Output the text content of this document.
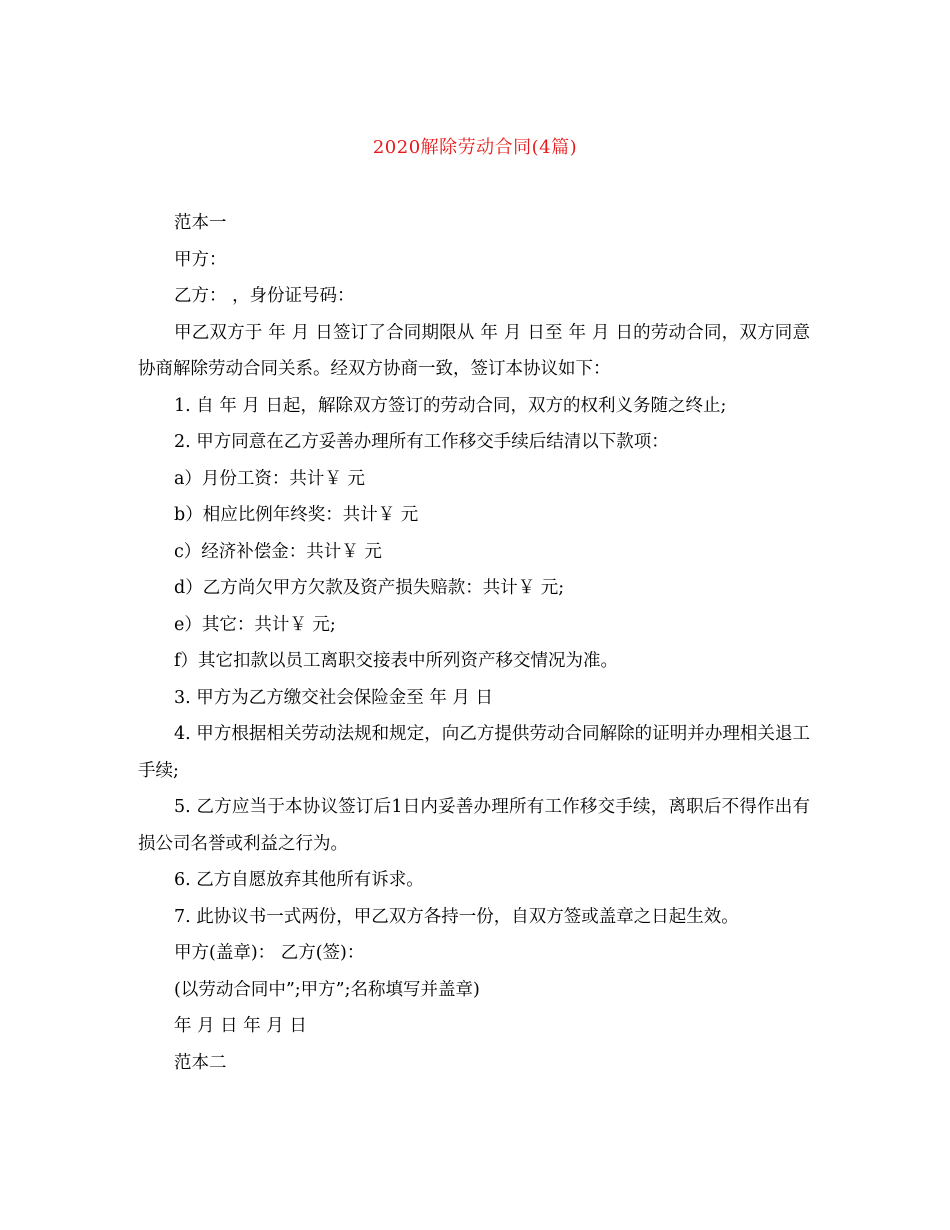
2020解除劳动合同(4篇)

范本一

甲方：

乙方： ，身份证号码：

甲乙双方于 年 月 日签订了合同期限从 年 月 日至 年 月 日的劳动合同，双方同意协商解除劳动合同关系。经双方协商一致，签订本协议如下：

1. 自 年 月 日起，解除双方签订的劳动合同，双方的权利义务随之终止;

2. 甲方同意在乙方妥善办理所有工作移交手续后结清以下款项：

a）月份工资：共计￥ 元

b）相应比例年终奖：共计￥ 元

c）经济补偿金：共计￥ 元

d）乙方尚欠甲方欠款及资产损失赔款：共计￥ 元;

e）其它：共计￥ 元;

f）其它扣款以员工离职交接表中所列资产移交情况为准。

3. 甲方为乙方缴交社会保险金至 年 月 日

4. 甲方根据相关劳动法规和规定，向乙方提供劳动合同解除的证明并办理相关退工手续;

5. 乙方应当于本协议签订后1日内妥善办理所有工作移交手续，离职后不得作出有损公司名誉或利益之行为。

6. 乙方自愿放弃其他所有诉求。

7. 此协议书一式两份，甲乙双方各持一份，自双方签或盖章之日起生效。

甲方(盖章)： 乙方(签)：

(以劳动合同中”;甲方”;名称填写并盖章)

年 月 日 年 月 日

范本二
